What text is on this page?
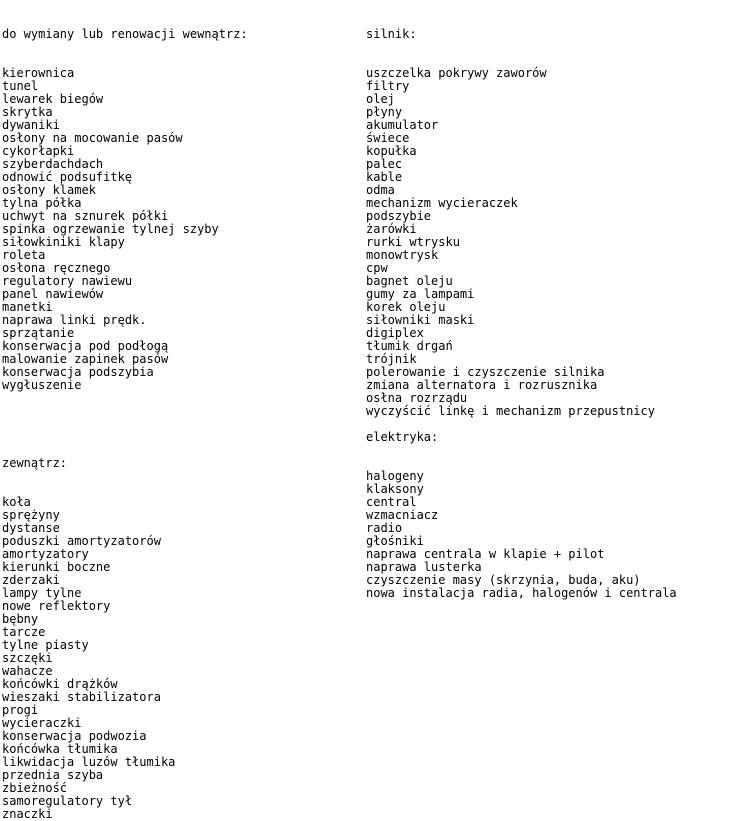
do wymiany lub renowacji wewnątrz:

kierownica
tunel
lewarek biegów
skrytka
dywaniki
osłony na mocowanie pasów
cykorłapki
szyberdachdach
odnowić podsufitkę
osłony klamek
tylna półka
uchwyt na sznurek półki
spinka ogrzewanie tylnej szyby
siłowkiniki klapy
roleta
osłona ręcznego
regulatory nawiewu
panel nawiewów
manetki
naprawa linki prędk.
sprzątanie
konserwacja pod podłogą
malowanie zapinek pasów
konserwacja podszybia
wygłuszenie

silnik:

uszczelka pokrywy zaworów
filtry
olej
płyny
akumulator
świece
kopułka
palec
kable
odma
mechanizm wycieraczek
podszybie
żarówki
rurki wtrysku
monowtrysk
cpw
bagnet oleju
gumy za lampami
korek oleju
siłowniki maski
digiplex
tłumik drgań
trójnik
polerowanie i czyszczenie silnika
zmiana alternatora i rozrusznika
osłna rozrządu
wyczyścić linkę i mechanizm przepustnicy

zewnątrz:

koła
sprężyny
dystanse
poduszki amortyzatorów
amortyzatory
kierunki boczne
zderzaki
lampy tylne
nowe reflektory
bębny
tarcze
tylne piasty
szczęki
wahacze
końcówki drążków
wieszaki stabilizatora
progi
wycieraczki
konserwacja podwozia
końcówka tłumika
likwidacja luzów tłumika
przednia szyba
zbieżność
samoregulatory tył
znaczki

elektryka:

halogeny
klaksony
central
wzmacniacz
radio
głośniki
naprawa centrala w klapie + pilot
naprawa lusterka
czyszczenie masy (skrzynia, buda, aku)
nowa instalacja radia, halogenów i centrala
